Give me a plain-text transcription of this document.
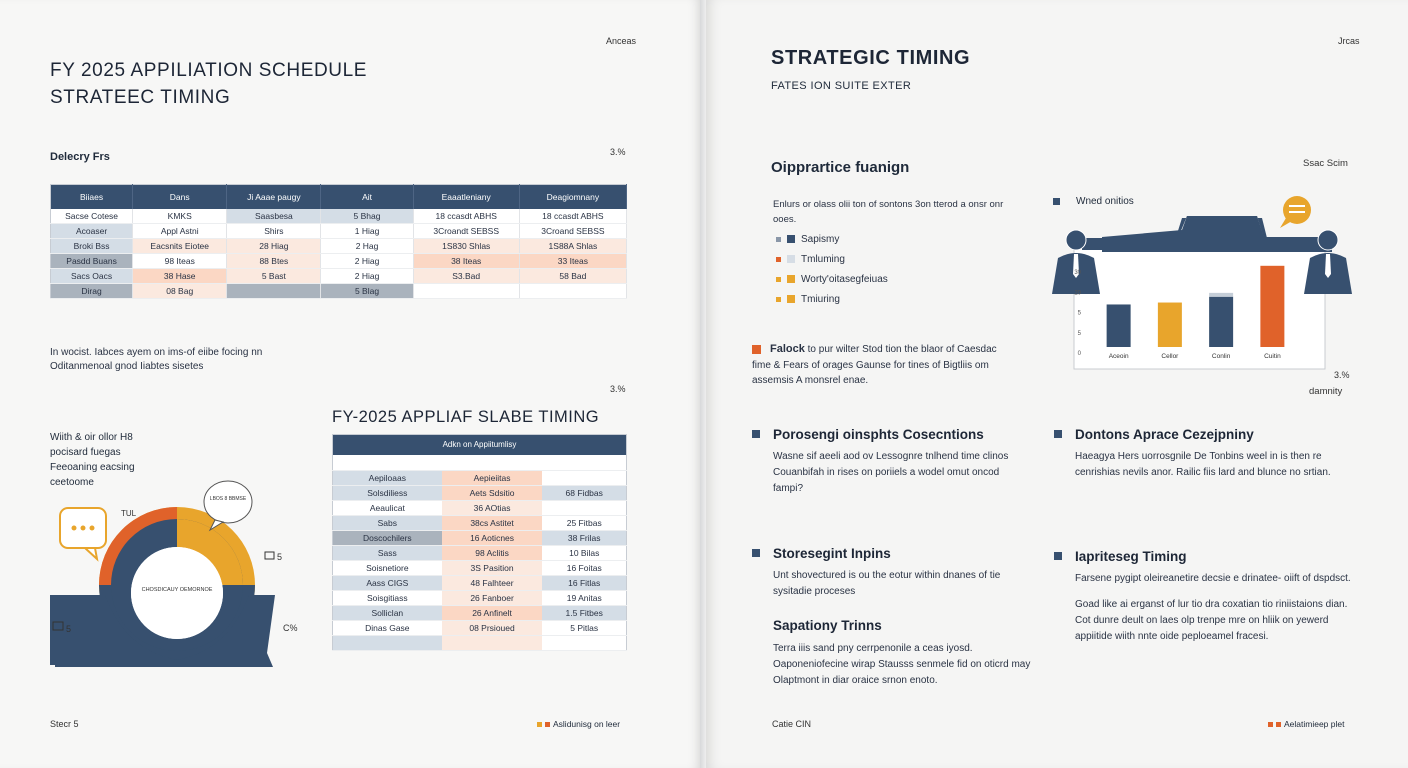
Anceas
FY 2025 APPILIATION SCHEDULE
STRATEEC TIMING
Delecry Frs	3.%
Biiaes	Dans	Ji Aaae paugy	Ait	Eaaatleniany	Deagiomnany
Sacse Cotese	KMKS	Saasbesa	5 Bhag	18 ccasdt ABHS	18 ccasdt ABHS
Acoaser	Appl Astni	Shirs	1 Hiag	3Croandt SEBSS	3Croand SEBSS
Broki Bss	Eacsnits Eiotee	28 Hiag	2 Hag	1S830 Shlas	1S88A Shlas
Pasdd Buans	98 Iteas	88 Btes	2 Hiag	38 Iteas	33 Iteas
Sacs Oacs	38 Hase	5 Bast	2 Hiag	S3.Bad	58 Bad
Dirag	08 Bag		5 Blag		
In wocist. Iabces ayem on ims-of eiibe focing nn Oditanmenoal gnod Iiabtes sisetes
3.%
Wiith & oir ollor H8 pocisard fuegas Feeoaning eacsing ceetoome
LBOS 8 BBMSE
CHOSDICAUY OEMORNOE
TUL
5
5	C%
FY-2025 APPLIAF SLABE TIMING
Adkn on Appiitumlisy		

Aepiloaas	Aepieiitas	
Solsdiliess	Aets Sdsitio	68 Fidbas
Aeaulicat	36 AOtias	
Sabs	38cs Astitet	25 Fitbas
Doscochilers	16 Aoticnes	38 Frilas
Sass	98 Aclitis	10 Bilas
Soisnetiore	3S Pasition	16 Foitas
Aass CIGS	48 Falhteer	16 Fitlas
Soisgitiass	26 Fanboer	19 Anitas
Solliclan	26 Anfinelt	1.5 Fitbes
Dinas Gase	08 Prsioued	5 Pitlas

Stecr 5	Aslidunisg on leer
Jrcas
STRATEGIC TIMING
FATES ION SUITE EXTER
Oipprartice fuanign	Ssac Scim
Enlurs or olass olii ton of sontons 3on tterod a onsr onr ooes.
Sapismy
Tmluming
Worty'oitasegfeiuas
Tmiuring
Wned onitios
30
20
5
5
0	Aceoin	Cellor	Conlin	Cuitin
3.%
damnity
Falock to pur wilter Stod tion the blaor of Caesdac fime & Fears of orages Gaunse for tines of Bigtliis om assemsis A monsrel enae.
Porosengi oinsphts Cosecntions
Wasne sif aeeli aod ov Lessognre tnlhend time clinos Couanbifah in rises on poriiels a wodel omut oncod fampi?
Dontons Aprace Cezejpniny
Haeagya Hers uorrosgnile De Tonbins weel in is then re cenrishias nevils anor. Railic fiis lard and blunce no srtian.
Storesegint Inpins
Unt shovectured is ou the eotur within dnanes of tie sysitadie proceses
Sapationy Trinns
Terra iiis sand pny cerrpenonile a ceas iyosd. Oaponeniofecine wirap Stausss senmele fid on oticrd may Olaptmont in diar oraice srnon enoto.
Iapriteseg Timing
Farsene pygipt oleireanetire decsie e drinatee- oiift of dspdsct.
Goad like ai erganst of lur tio dra coxatian tio riniistaions dian. Cot dunre deult on laes olp trenpe mre on hliik on yewerd appiitide wiith nnte oide peploeamel fracesi.
Catie CIN	Aelatimieep plet
